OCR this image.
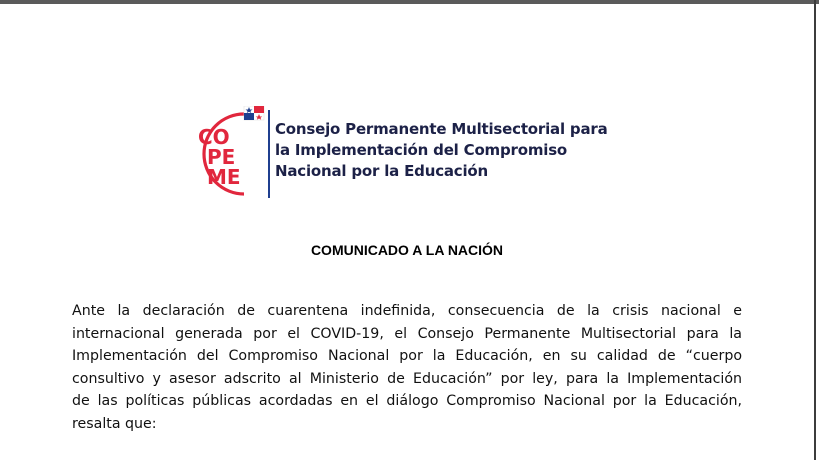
CO
PE
ME
Consejo Permanente Multisectorial para
la Implementación del Compromiso
Nacional por la Educación
COMUNICADO A LA NACIÓN
Ante la declaración de cuarentena indefinida, consecuencia de la crisis nacional e
internacional generada por el COVID-19, el Consejo Permanente Multisectorial para la
Implementación del Compromiso Nacional por la Educación, en su calidad de “cuerpo
consultivo y asesor adscrito al Ministerio de Educación” por ley, para la Implementación
de las políticas públicas acordadas en el diálogo Compromiso Nacional por la Educación,
resalta que:
